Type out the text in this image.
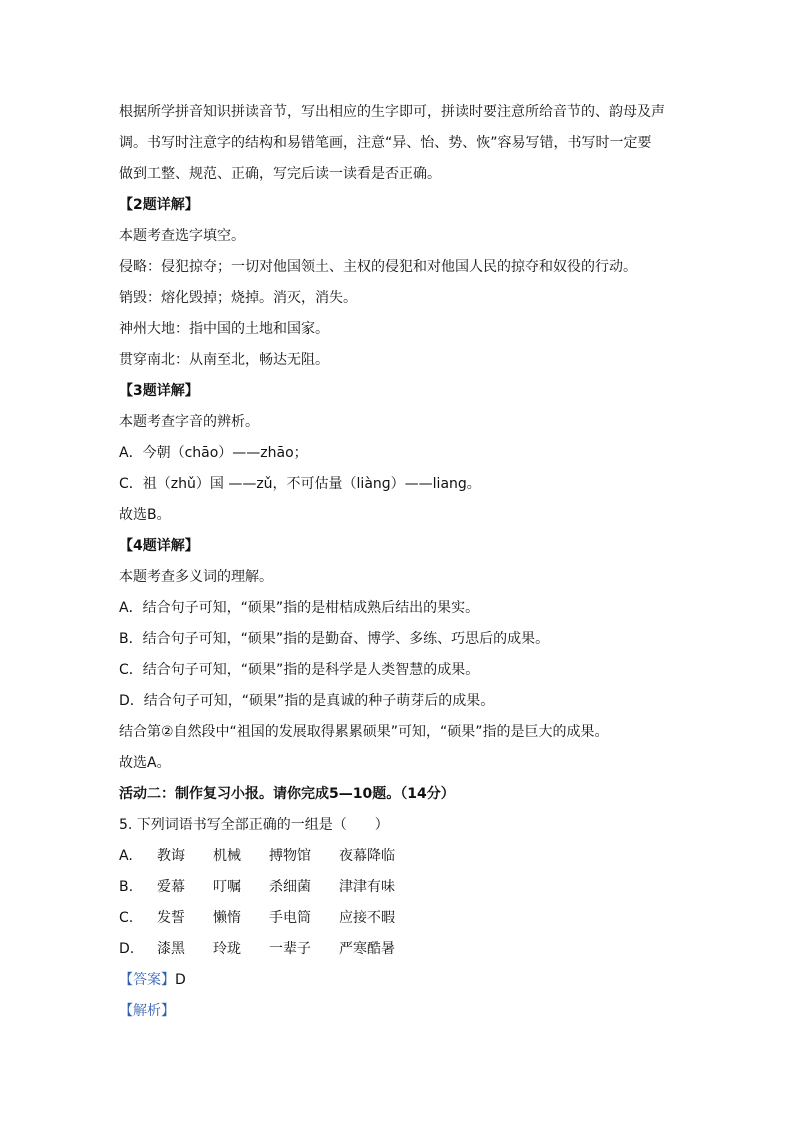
根据所学拼音知识拼读音节，写出相应的生字即可，拼读时要注意所给音节的、韵母及声
调。书写时注意字的结构和易错笔画，注意“异、怡、势、恢”容易写错，书写时一定要
做到工整、规范、正确，写完后读一读看是否正确。
【2题详解】
本题考查选字填空。
侵略：侵犯掠夺；一切对他国领土、主权的侵犯和对他国人民的掠夺和奴役的行动。
销毁：熔化毁掉；烧掉。消灭，消失。
神州大地：指中国的土地和国家。
贯穿南北：从南至北，畅达无阻。
【3题详解】
本题考查字音的辨析。
A．今朝（chāo）——zhāo；
C．祖（zhǔ）国 ——zǔ，不可估量（liànɡ）——liang。
故选B。
【4题详解】
本题考查多义词的理解。
A．结合句子可知，“硕果”指的是柑桔成熟后结出的果实。
B．结合句子可知，“硕果”指的是勤奋、博学、多练、巧思后的成果。
C．结合句子可知，“硕果”指的是科学是人类智慧的成果。
D．结合句子可知，“硕果”指的是真诚的种子萌芽后的成果。
结合第②自然段中“祖国的发展取得累累硕果”可知，“硕果”指的是巨大的成果。
故选A。
活动二：制作复习小报。请你完成5—10题。（14分）
5. 下列词语书写全部正确的一组是（　　）
A. 教诲 机械 搏物馆 夜幕降临
B. 爱幕 叮嘱 杀细菌 津津有味
C. 发誓 懒惰 手电筒 应接不暇
D. 漆黑 玲珑 一辈子 严寒酷暑
【答案】D
【解析】
